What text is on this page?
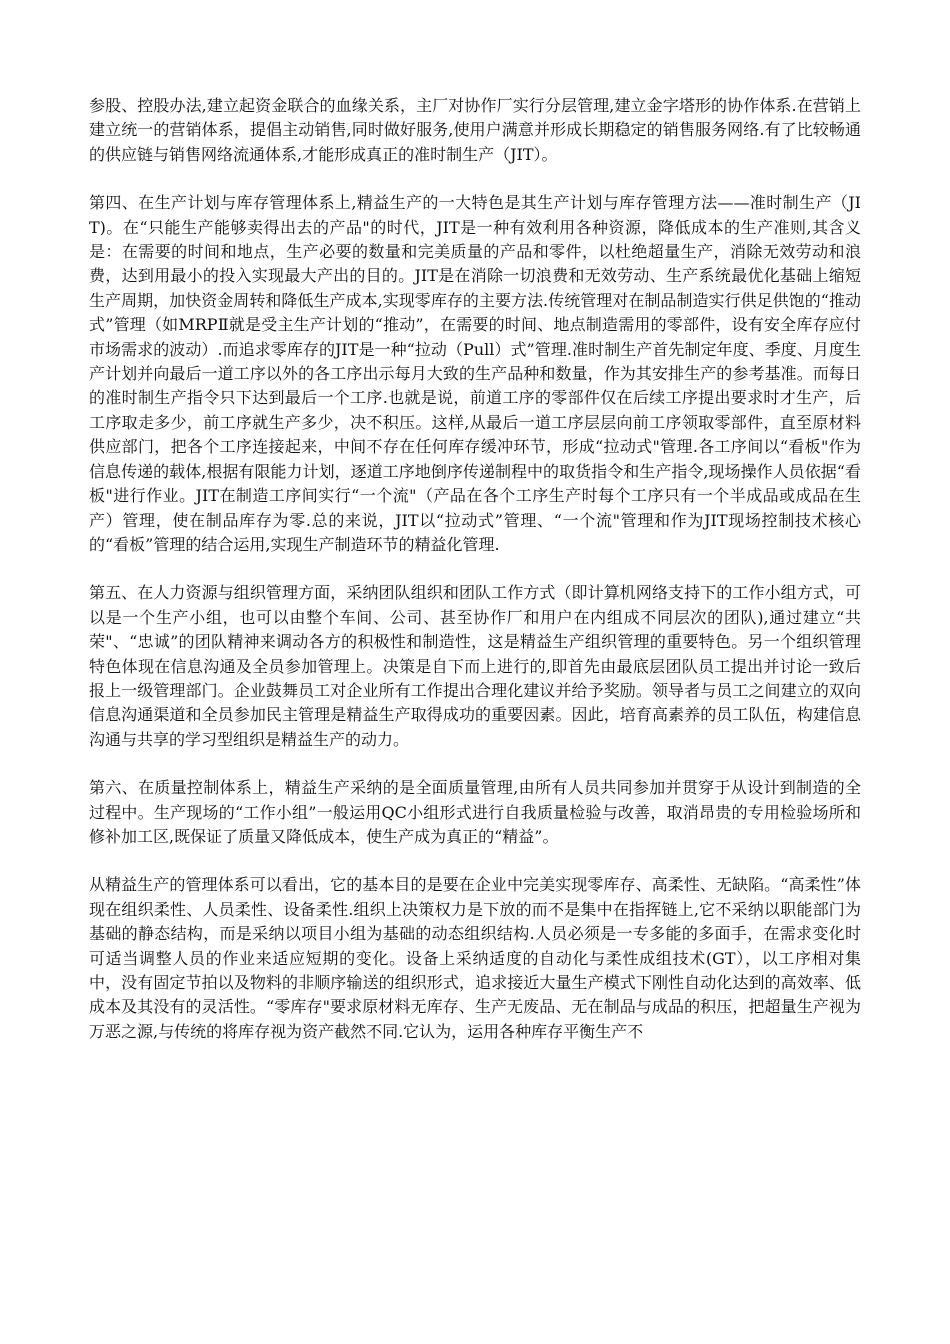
参股、控股办法,建立起资金联合的血缘关系，主厂对协作厂实行分层管理,建立金字塔形的协作体系.在营销上建立统一的营销体系，提倡主动销售,同时做好服务,使用户满意并形成长期稳定的销售服务网络.有了比较畅通的供应链与销售网络流通体系,才能形成真正的准时制生产（JIT）。

第四、在生产计划与库存管理体系上,精益生产的一大特色是其生产计划与库存管理方法——准时制生产（JIT)。在“只能生产能够卖得出去的产品"的时代，JIT是一种有效利用各种资源，降低成本的生产准则,其含义是：在需要的时间和地点，生产必要的数量和完美质量的产品和零件，以杜绝超量生产，消除无效劳动和浪费，达到用最小的投入实现最大产出的目的。JIT是在消除一切浪费和无效劳动、生产系统最优化基础上缩短生产周期，加快资金周转和降低生产成本,实现零库存的主要方法.传统管理对在制品制造实行供足供饱的“推动式”管理（如MRPⅡ就是受主生产计划的“推动”，在需要的时间、地点制造需用的零部件，设有安全库存应付市场需求的波动）.而追求零库存的JIT是一种“拉动（Pull）式”管理.准时制生产首先制定年度、季度、月度生产计划并向最后一道工序以外的各工序出示每月大致的生产品种和数量，作为其安排生产的参考基准。而每日的准时制生产指令只下达到最后一个工序.也就是说，前道工序的零部件仅在后续工序提出要求时才生产，后工序取走多少，前工序就生产多少，决不积压。这样,从最后一道工序层层向前工序领取零部件，直至原材料供应部门，把各个工序连接起来，中间不存在任何库存缓冲环节，形成“拉动式"管理.各工序间以“看板"作为信息传递的载体,根据有限能力计划，逐道工序地倒序传递制程中的取货指令和生产指令,现场操作人员依据“看板"进行作业。JIT在制造工序间实行“一个流"（产品在各个工序生产时每个工序只有一个半成品或成品在生产）管理，使在制品库存为零.总的来说，JIT以“拉动式”管理、“一个流"管理和作为JIT现场控制技术核心的“看板”管理的结合运用,实现生产制造环节的精益化管理.

第五、在人力资源与组织管理方面，采纳团队组织和团队工作方式（即计算机网络支持下的工作小组方式，可以是一个生产小组，也可以由整个车间、公司、甚至协作厂和用户在内组成不同层次的团队),通过建立“共荣"、“忠诚”的团队精神来调动各方的积极性和制造性，这是精益生产组织管理的重要特色。另一个组织管理特色体现在信息沟通及全员参加管理上。决策是自下而上进行的,即首先由最底层团队员工提出并讨论一致后报上一级管理部门。企业鼓舞员工对企业所有工作提出合理化建议并给予奖励。领导者与员工之间建立的双向信息沟通渠道和全员参加民主管理是精益生产取得成功的重要因素。因此，培育高素养的员工队伍，构建信息沟通与共享的学习型组织是精益生产的动力。

第六、在质量控制体系上，精益生产采纳的是全面质量管理,由所有人员共同参加并贯穿于从设计到制造的全过程中。生产现场的“工作小组”一般运用QC小组形式进行自我质量检验与改善，取消昂贵的专用检验场所和修补加工区,既保证了质量又降低成本，使生产成为真正的“精益”。

从精益生产的管理体系可以看出，它的基本目的是要在企业中完美实现零库存、高柔性、无缺陷。“高柔性”体现在组织柔性、人员柔性、设备柔性.组织上决策权力是下放的而不是集中在指挥链上,它不采纳以职能部门为基础的静态结构，而是采纳以项目小组为基础的动态组织结构.人员必须是一专多能的多面手，在需求变化时可适当调整人员的作业来适应短期的变化。设备上采纳适度的自动化与柔性成组技术(GT），以工序相对集中，没有固定节拍以及物料的非顺序输送的组织形式，追求接近大量生产模式下刚性自动化达到的高效率、低成本及其没有的灵活性。“零库存"要求原材料无库存、生产无废品、无在制品与成品的积压，把超量生产视为万恶之源,与传统的将库存视为资产截然不同.它认为，运用各种库存平衡生产不
